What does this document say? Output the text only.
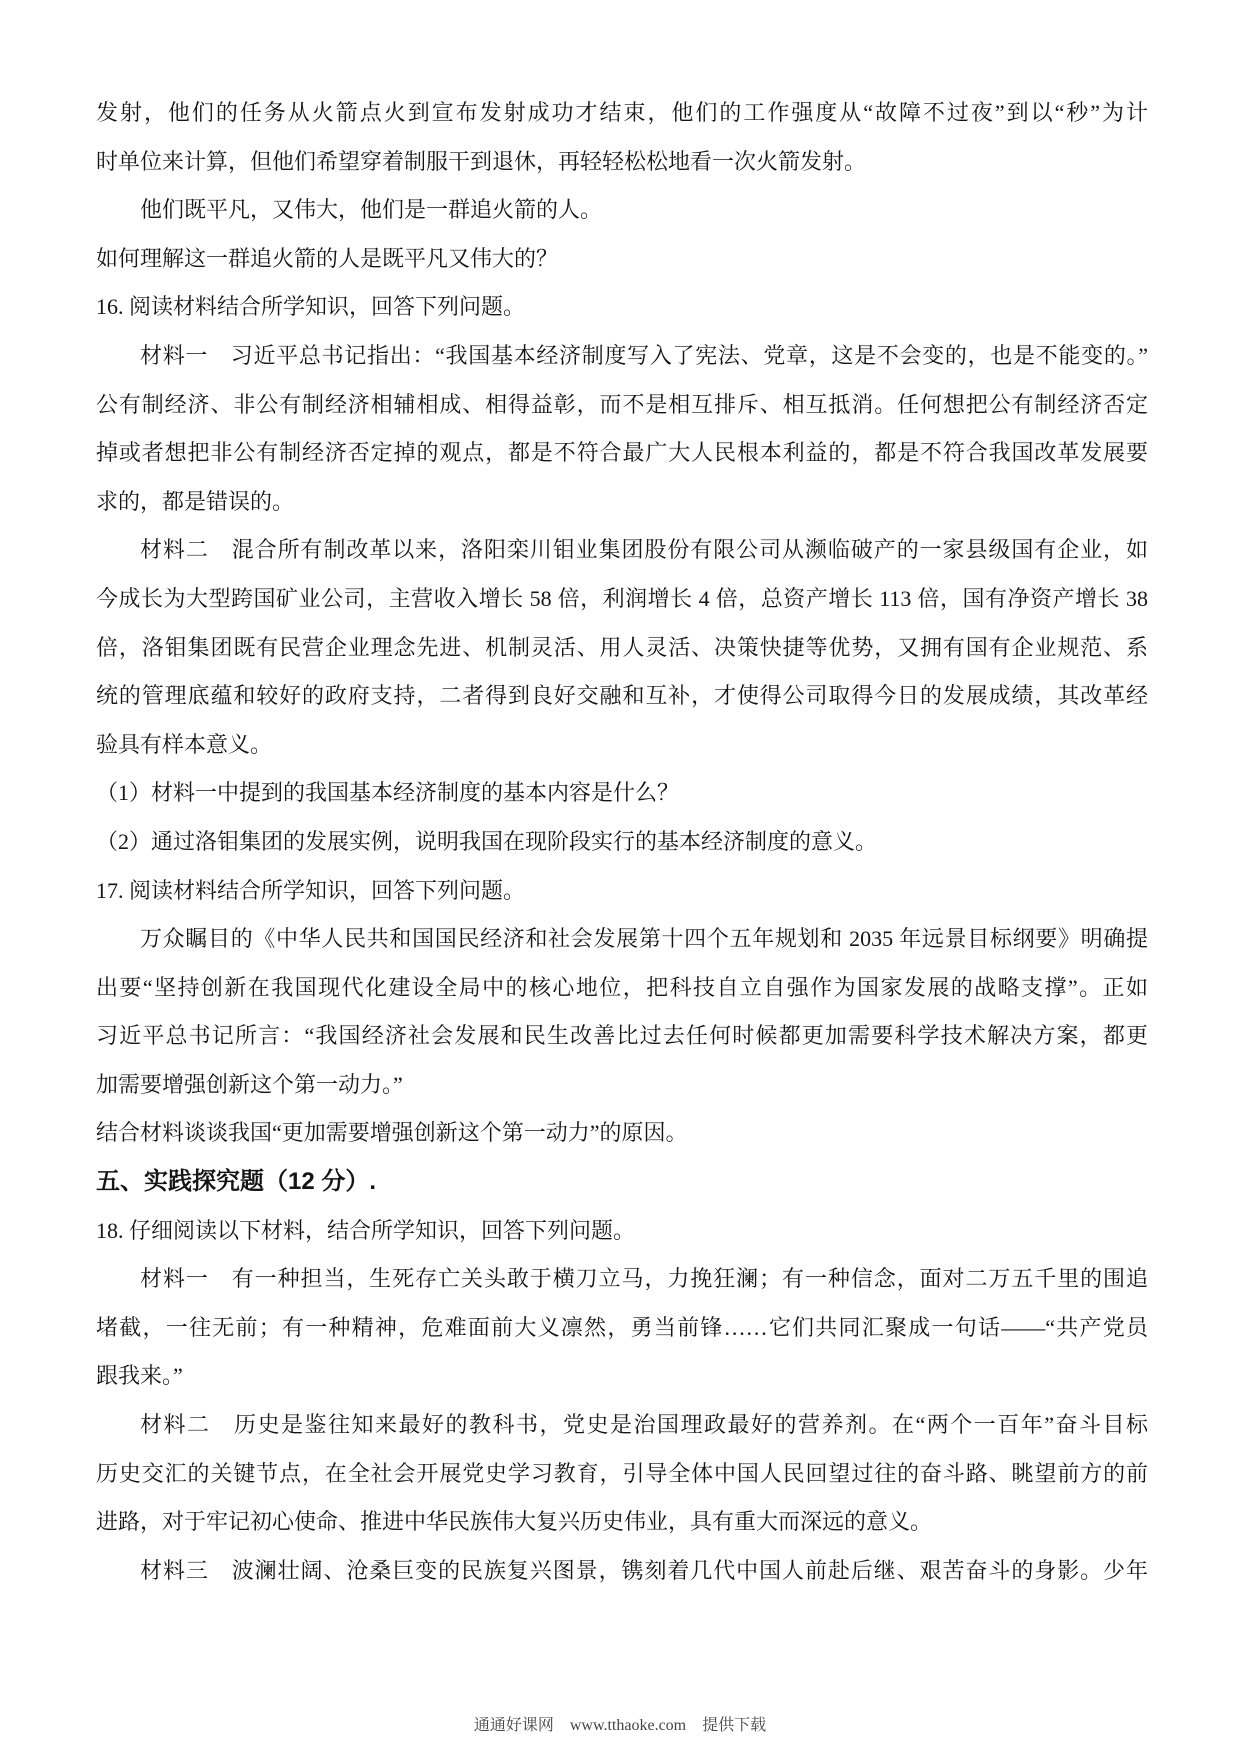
发射，他们的任务从火箭点火到宣布发射成功才结束，他们的工作强度从“故障不过夜”到以“秒”为计
时单位来计算，但他们希望穿着制服干到退休，再轻轻松松地看一次火箭发射。
他们既平凡，又伟大，他们是一群追火箭的人。
如何理解这一群追火箭的人是既平凡又伟大的？
16. 阅读材料结合所学知识，回答下列问题。
材料一　习近平总书记指出：“我国基本经济制度写入了宪法、党章，这是不会变的，也是不能变的。”
公有制经济、非公有制经济相辅相成、相得益彰，而不是相互排斥、相互抵消。任何想把公有制经济否定
掉或者想把非公有制经济否定掉的观点，都是不符合最广大人民根本利益的，都是不符合我国改革发展要
求的，都是错误的。
材料二　混合所有制改革以来，洛阳栾川钼业集团股份有限公司从濒临破产的一家县级国有企业，如
今成长为大型跨国矿业公司，主营收入增长 58 倍，利润增长 4 倍，总资产增长 113 倍，国有净资产增长 38
倍，洛钼集团既有民营企业理念先进、机制灵活、用人灵活、决策快捷等优势，又拥有国有企业规范、系
统的管理底蕴和较好的政府支持，二者得到良好交融和互补，才使得公司取得今日的发展成绩，其改革经
验具有样本意义。
（1）材料一中提到的我国基本经济制度的基本内容是什么？
（2）通过洛钼集团的发展实例，说明我国在现阶段实行的基本经济制度的意义。
17. 阅读材料结合所学知识，回答下列问题。
万众瞩目的《中华人民共和国国民经济和社会发展第十四个五年规划和 2035 年远景目标纲要》明确提
出要“坚持创新在我国现代化建设全局中的核心地位，把科技自立自强作为国家发展的战略支撑”。正如
习近平总书记所言：“我国经济社会发展和民生改善比过去任何时候都更加需要科学技术解决方案，都更
加需要增强创新这个第一动力。”
结合材料谈谈我国“更加需要增强创新这个第一动力”的原因。
五、实践探究题（12 分）.
18. 仔细阅读以下材料，结合所学知识，回答下列问题。
材料一　有一种担当，生死存亡关头敢于横刀立马，力挽狂澜；有一种信念，面对二万五千里的围追
堵截，一往无前；有一种精神，危难面前大义凛然，勇当前锋……它们共同汇聚成一句话——“共产党员
跟我来。”
材料二　历史是鉴往知来最好的教科书，党史是治国理政最好的营养剂。在“两个一百年”奋斗目标
历史交汇的关键节点，在全社会开展党史学习教育，引导全体中国人民回望过往的奋斗路、眺望前方的前
进路，对于牢记初心使命、推进中华民族伟大复兴历史伟业，具有重大而深远的意义。
材料三　波澜壮阔、沧桑巨变的民族复兴图景，镌刻着几代中国人前赴后继、艰苦奋斗的身影。少年
通通好课网 www.tthaoke.com 提供下载
